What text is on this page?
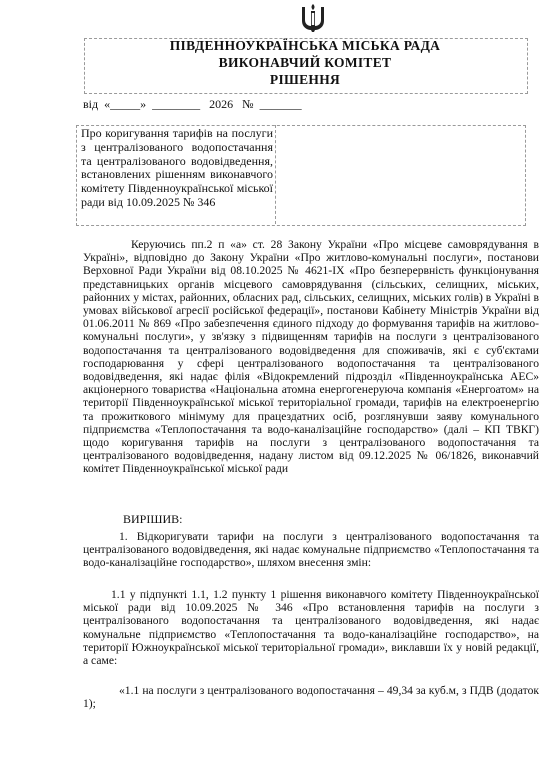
ПІВДЕННОУКРАЇНСЬКА МІСЬКА РАДА
ВИКОНАВЧИЙ КОМІТЕТ
РІШЕННЯ
від «_____» ________ 2026 № _______
Про коригування тарифів на послуги з централізованого водопостачання та централізованого водовідведення, встановлених рішенням виконавчого комітету Південноукраїнської міської ради від 10.09.2025 № 346
Керуючись пп.2 п «а» ст. 28 Закону України «Про місцеве самоврядування в Україні», відповідно до Закону України «Про житлово-комунальні послуги», постанови Верховної Ради України від 08.10.2025 № 4621-IX «Про безперервність функціонування представницьких органів місцевого самоврядування (сільських, селищних, міських, районних у містах, районних, обласних рад, сільських, селищних, міських голів) в Україні в умовах військової агресії російської федерації», постанови Кабінету Міністрів України від 01.06.2011 № 869 «Про забезпечення єдиного підходу до формування тарифів на житлово-комунальні послуги», у зв'язку з підвищенням тарифів на послуги з централізованого водопостачання та централізованого водовідведення для споживачів, які є суб'єктами господарювання у сфері централізованого водопостачання та централізованого водовідведення, які надає філія «Відокремлений підрозділ «Південноукраїнська АЕС» акціонерного товариства «Національна атомна енергогенеруюча компанія «Енергоатом» на території Південноукраїнської міської територіальної громади, тарифів на електроенергію та прожиткового мінімуму для працездатних осіб, розглянувши заяву комунального підприємства «Теплопостачання та водо-каналізаційне господарство» (далі – КП ТВКГ) щодо коригування тарифів на послуги з централізованого водопостачання та централізованого водовідведення, надану листом від 09.12.2025 № 06/1826, виконавчий комітет Південноукраїнської міської ради
ВИРІШИВ:
1. Відкоригувати тарифи на послуги з централізованого водопостачання та централізованого водовідведення, які надає комунальне підприємство «Теплопостачання та водо-каналізаційне господарство», шляхом внесення змін:
1.1 у підпункті 1.1, 1.2 пункту 1 рішення виконавчого комітету Південноукраїнської міської ради від 10.09.2025 № 346 «Про встановлення тарифів на послуги з централізованого водопостачання та централізованого водовідведення, які надає комунальне підприємство «Теплопостачання та водо-каналізаційне господарство», на території Южноукраїнської міської територіальної громади», виклавши їх у новій редакції, а саме:
«1.1 на послуги з централізованого водопостачання – 49,34 за куб.м, з ПДВ (додаток 1);
